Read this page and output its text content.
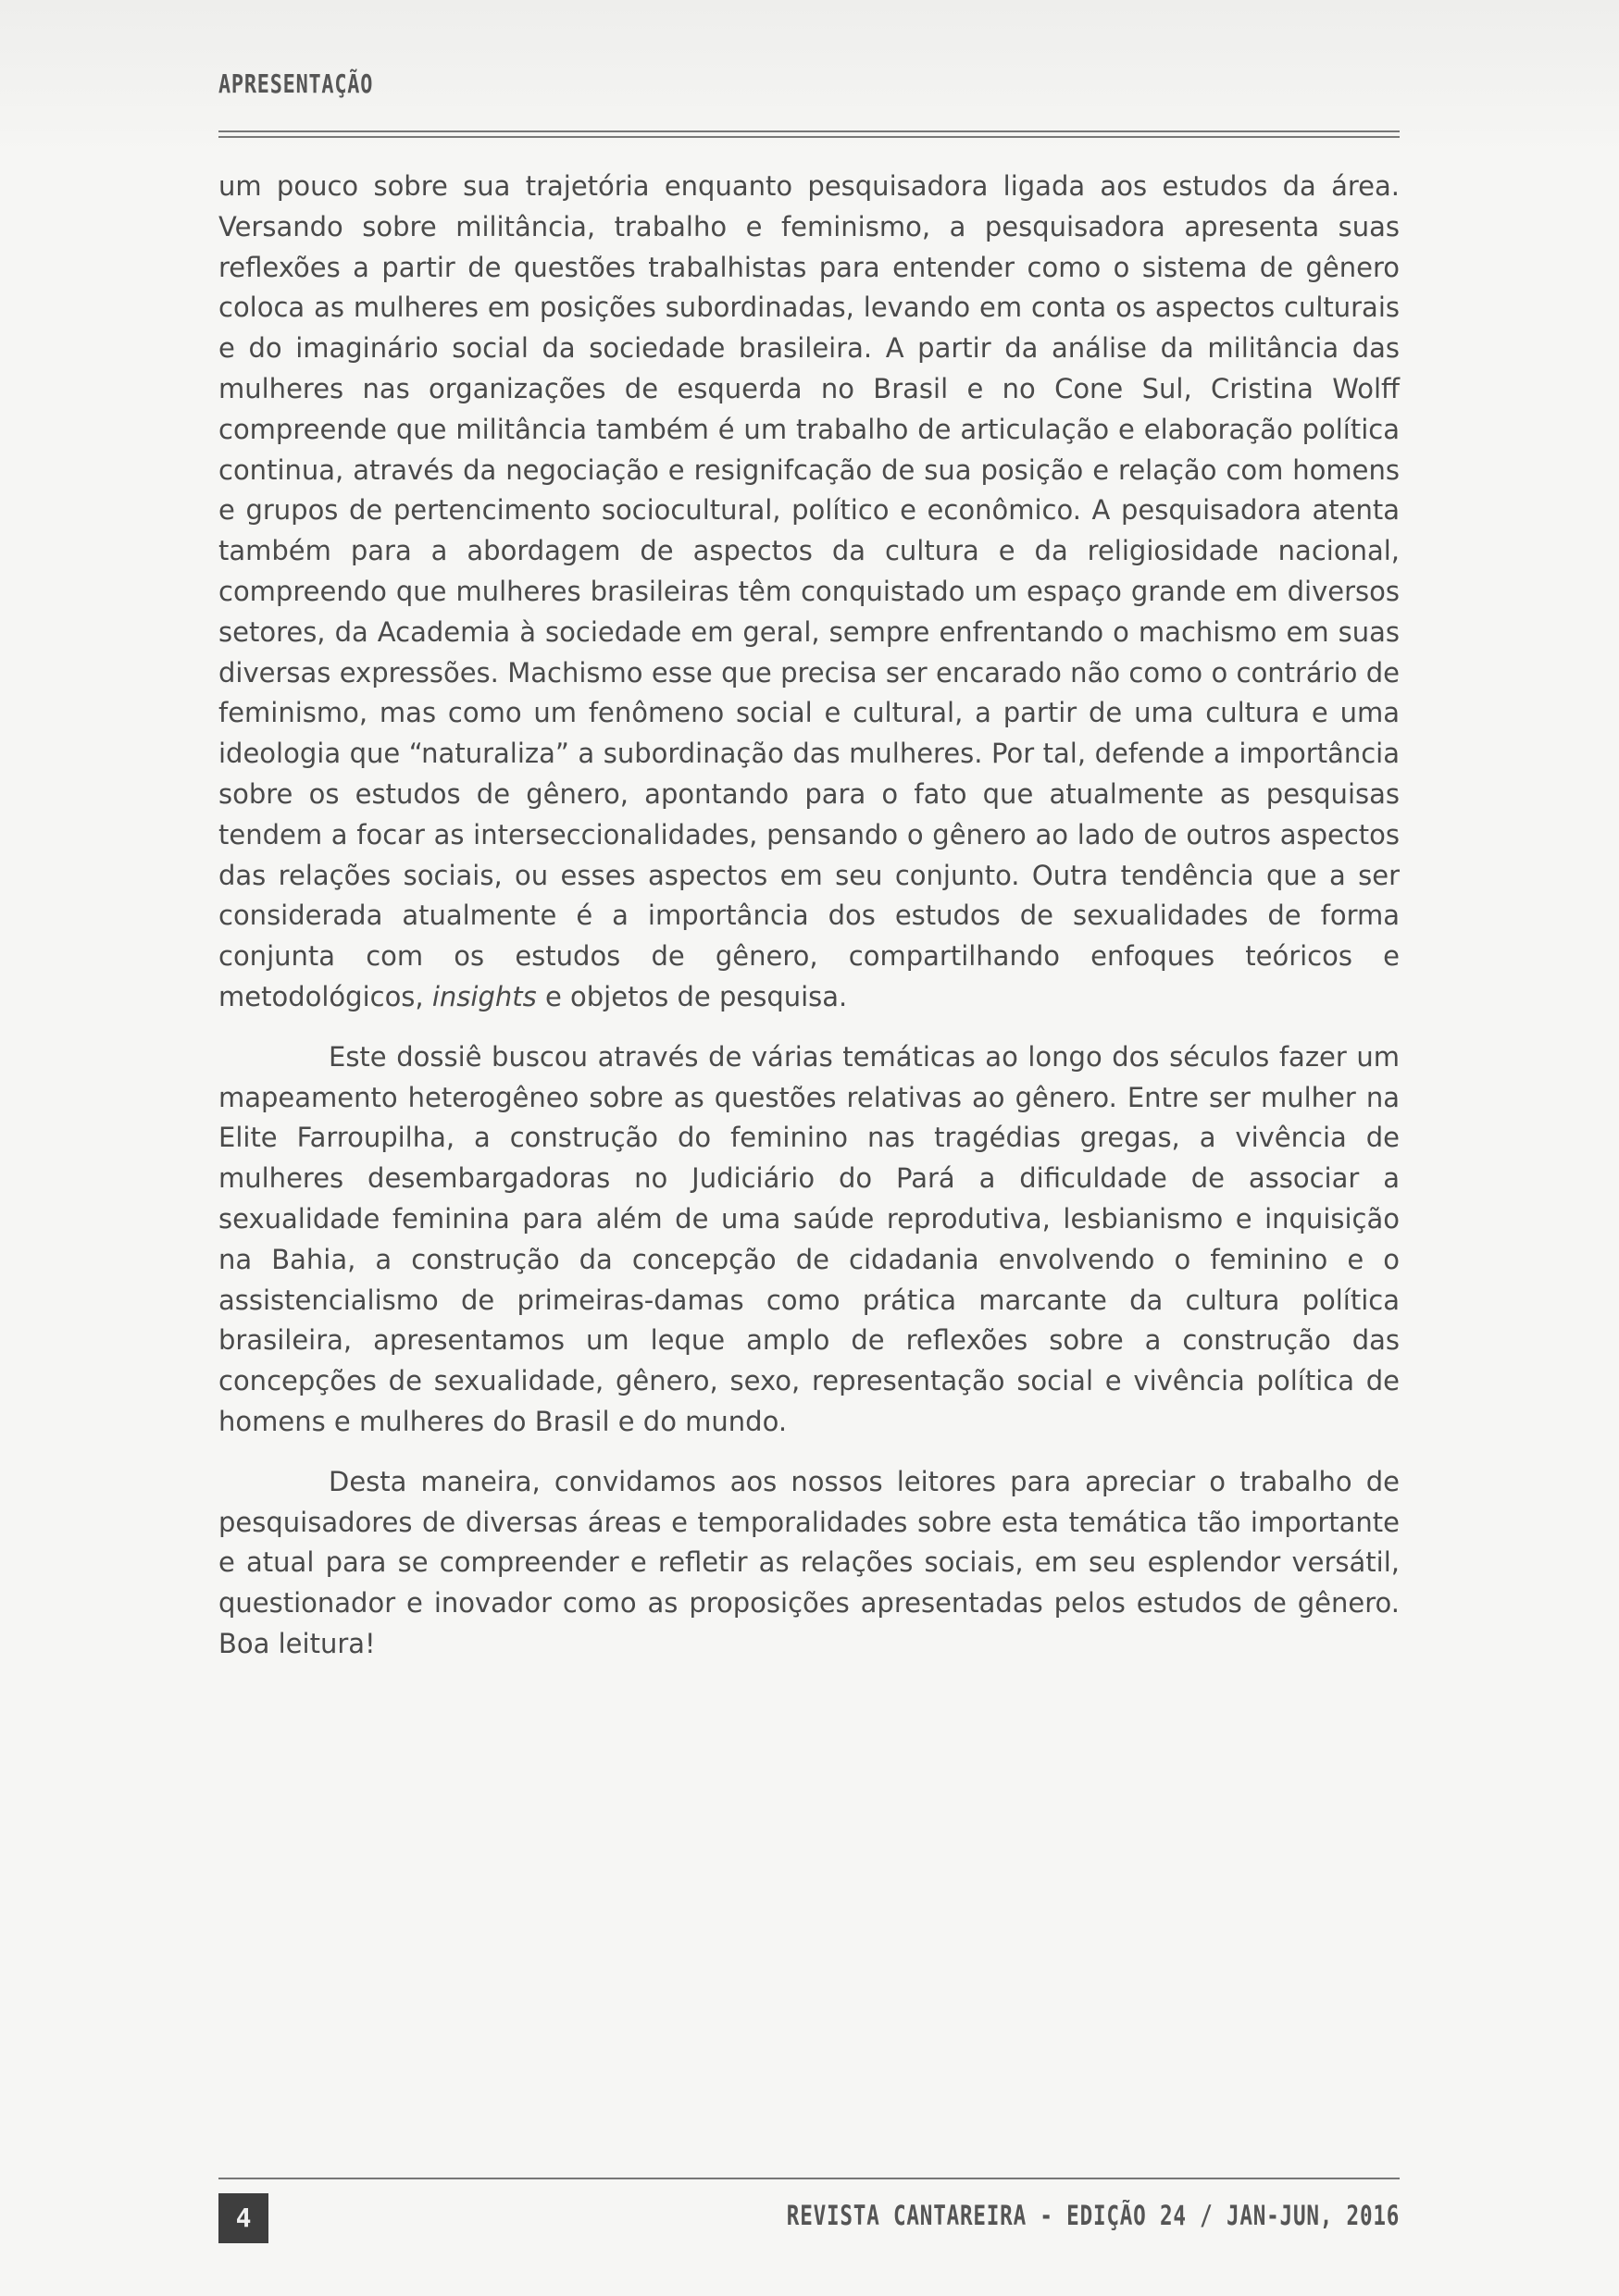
APRESENTAÇÃO

um pouco sobre sua trajetória enquanto pesquisadora ligada aos estudos da área. Versando sobre militância, trabalho e feminismo, a pesquisadora apresenta suas reflexões a partir de questões trabalhistas para entender como o sistema de gênero coloca as mulheres em posições subordinadas, levando em conta os aspectos culturais e do imaginário social da sociedade brasileira. A partir da análise da militância das mulheres nas organizações de esquerda no Brasil e no Cone Sul, Cristina Wolff compreende que militância também é um trabalho de articulação e elaboração política continua, através da negociação e resignifcação de sua posição e relação com homens e grupos de pertencimento sociocultural, político e econômico. A pesquisadora atenta também para a abordagem de aspectos da cultura e da religiosidade nacional, compreendo que mulheres brasileiras têm conquistado um espaço grande em diversos setores, da Academia à sociedade em geral, sempre enfrentando o machismo em suas diversas expressões. Machismo esse que precisa ser encarado não como o contrário de feminismo, mas como um fenômeno social e cultural, a partir de uma cultura e uma ideologia que “naturaliza” a subordinação das mulheres. Por tal, defende a importância sobre os estudos de gênero, apontando para o fato que atualmente as pesquisas tendem a focar as interseccionalidades, pensando o gênero ao lado de outros aspectos das relações sociais, ou esses aspectos em seu conjunto. Outra tendência que a ser considerada atualmente é a importância dos estudos de sexualidades de forma conjunta com os estudos de gênero, compartilhando enfoques teóricos e metodológicos, insights e objetos de pesquisa.

Este dossiê buscou através de várias temáticas ao longo dos séculos fazer um mapeamento heterogêneo sobre as questões relativas ao gênero. Entre ser mulher na Elite Farroupilha, a construção do feminino nas tragédias gregas, a vivência de mulheres desembargadoras no Judiciário do Pará a dificuldade de associar a sexualidade feminina para além de uma saúde reprodutiva, lesbianismo e inquisição na Bahia, a construção da concepção de cidadania envolvendo o feminino e o assistencialismo de primeiras-damas como prática marcante da cultura política brasileira, apresentamos um leque amplo de reflexões sobre a construção das concepções de sexualidade, gênero, sexo, representação social e vivência política de homens e mulheres do Brasil e do mundo.

Desta maneira, convidamos aos nossos leitores para apreciar o trabalho de pesquisadores de diversas áreas e temporalidades sobre esta temática tão importante e atual para se compreender e refletir as relações sociais, em seu esplendor versátil, questionador e inovador como as proposições apresentadas pelos estudos de gênero. Boa leitura!

4	REVISTA CANTAREIRA - EDIÇÃO 24 / JAN-JUN, 2016
